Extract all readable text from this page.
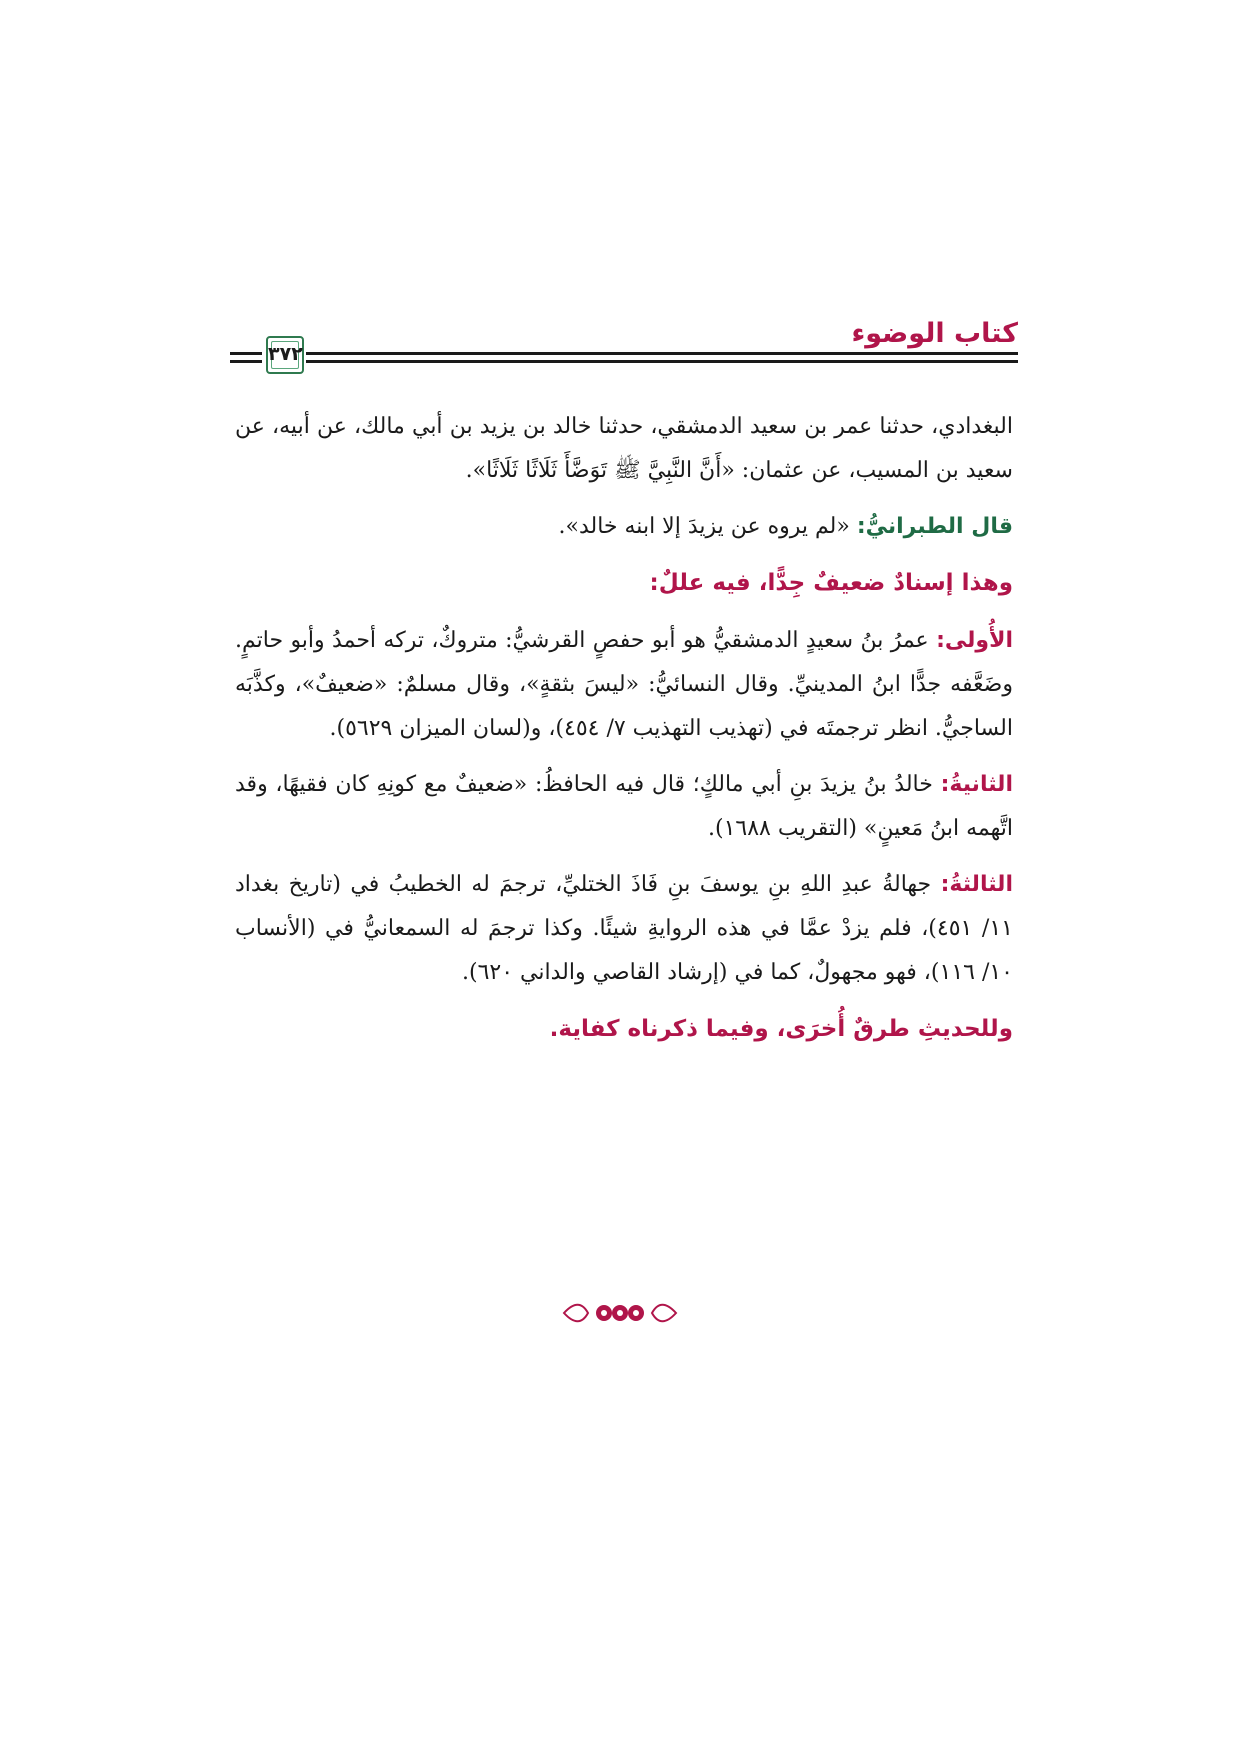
٣٧٢
كتاب الوضوء

البغدادي، حدثنا عمر بن سعيد الدمشقي، حدثنا خالد بن يزيد بن أبي مالك، عن أبيه، عن سعيد بن المسيب، عن عثمان: «أَنَّ النَّبِيَّ ﷺ تَوَضَّأَ ثَلَاثًا ثَلَاثًا».

قال الطبرانيُّ: «لم يروه عن يزيدَ إلا ابنه خالد».

وهذا إسنادٌ ضعيفٌ جِدًّا، فيه عللٌ:

الأُولى: عمرُ بنُ سعيدٍ الدمشقيُّ هو أبو حفصٍ القرشيُّ: متروكٌ، تركه أحمدُ وأبو حاتمٍ. وضَعَّفه جدًّا ابنُ المدينيِّ. وقال النسائيُّ: «ليسَ بثقةٍ»، وقال مسلمٌ: «ضعيفٌ»، وكذَّبَه الساجيُّ. انظر ترجمتَه في (تهذيب التهذيب ٧/ ٤٥٤)، و(لسان الميزان ٥٦٢٩).

الثانيةُ: خالدُ بنُ يزيدَ بنِ أبي مالكٍ؛ قال فيه الحافظُ: «ضعيفٌ مع كونِهِ كان فقيهًا، وقد اتَّهمه ابنُ مَعينٍ» (التقريب ١٦٨٨).

الثالثةُ: جهالةُ عبدِ اللهِ بنِ يوسفَ بنِ فَاذَ الختليِّ، ترجمَ له الخطيبُ في (تاريخ بغداد ١١/ ٤٥١)، فلم يزدْ عمَّا في هذه الروايةِ شيئًا. وكذا ترجمَ له السمعانيُّ في (الأنساب ١٠/ ١١٦)، فهو مجهولٌ، كما في (إرشاد القاصي والداني ٦٢٠).

وللحديثِ طرقٌ أُخرَى، وفيما ذكرناه كفاية.
